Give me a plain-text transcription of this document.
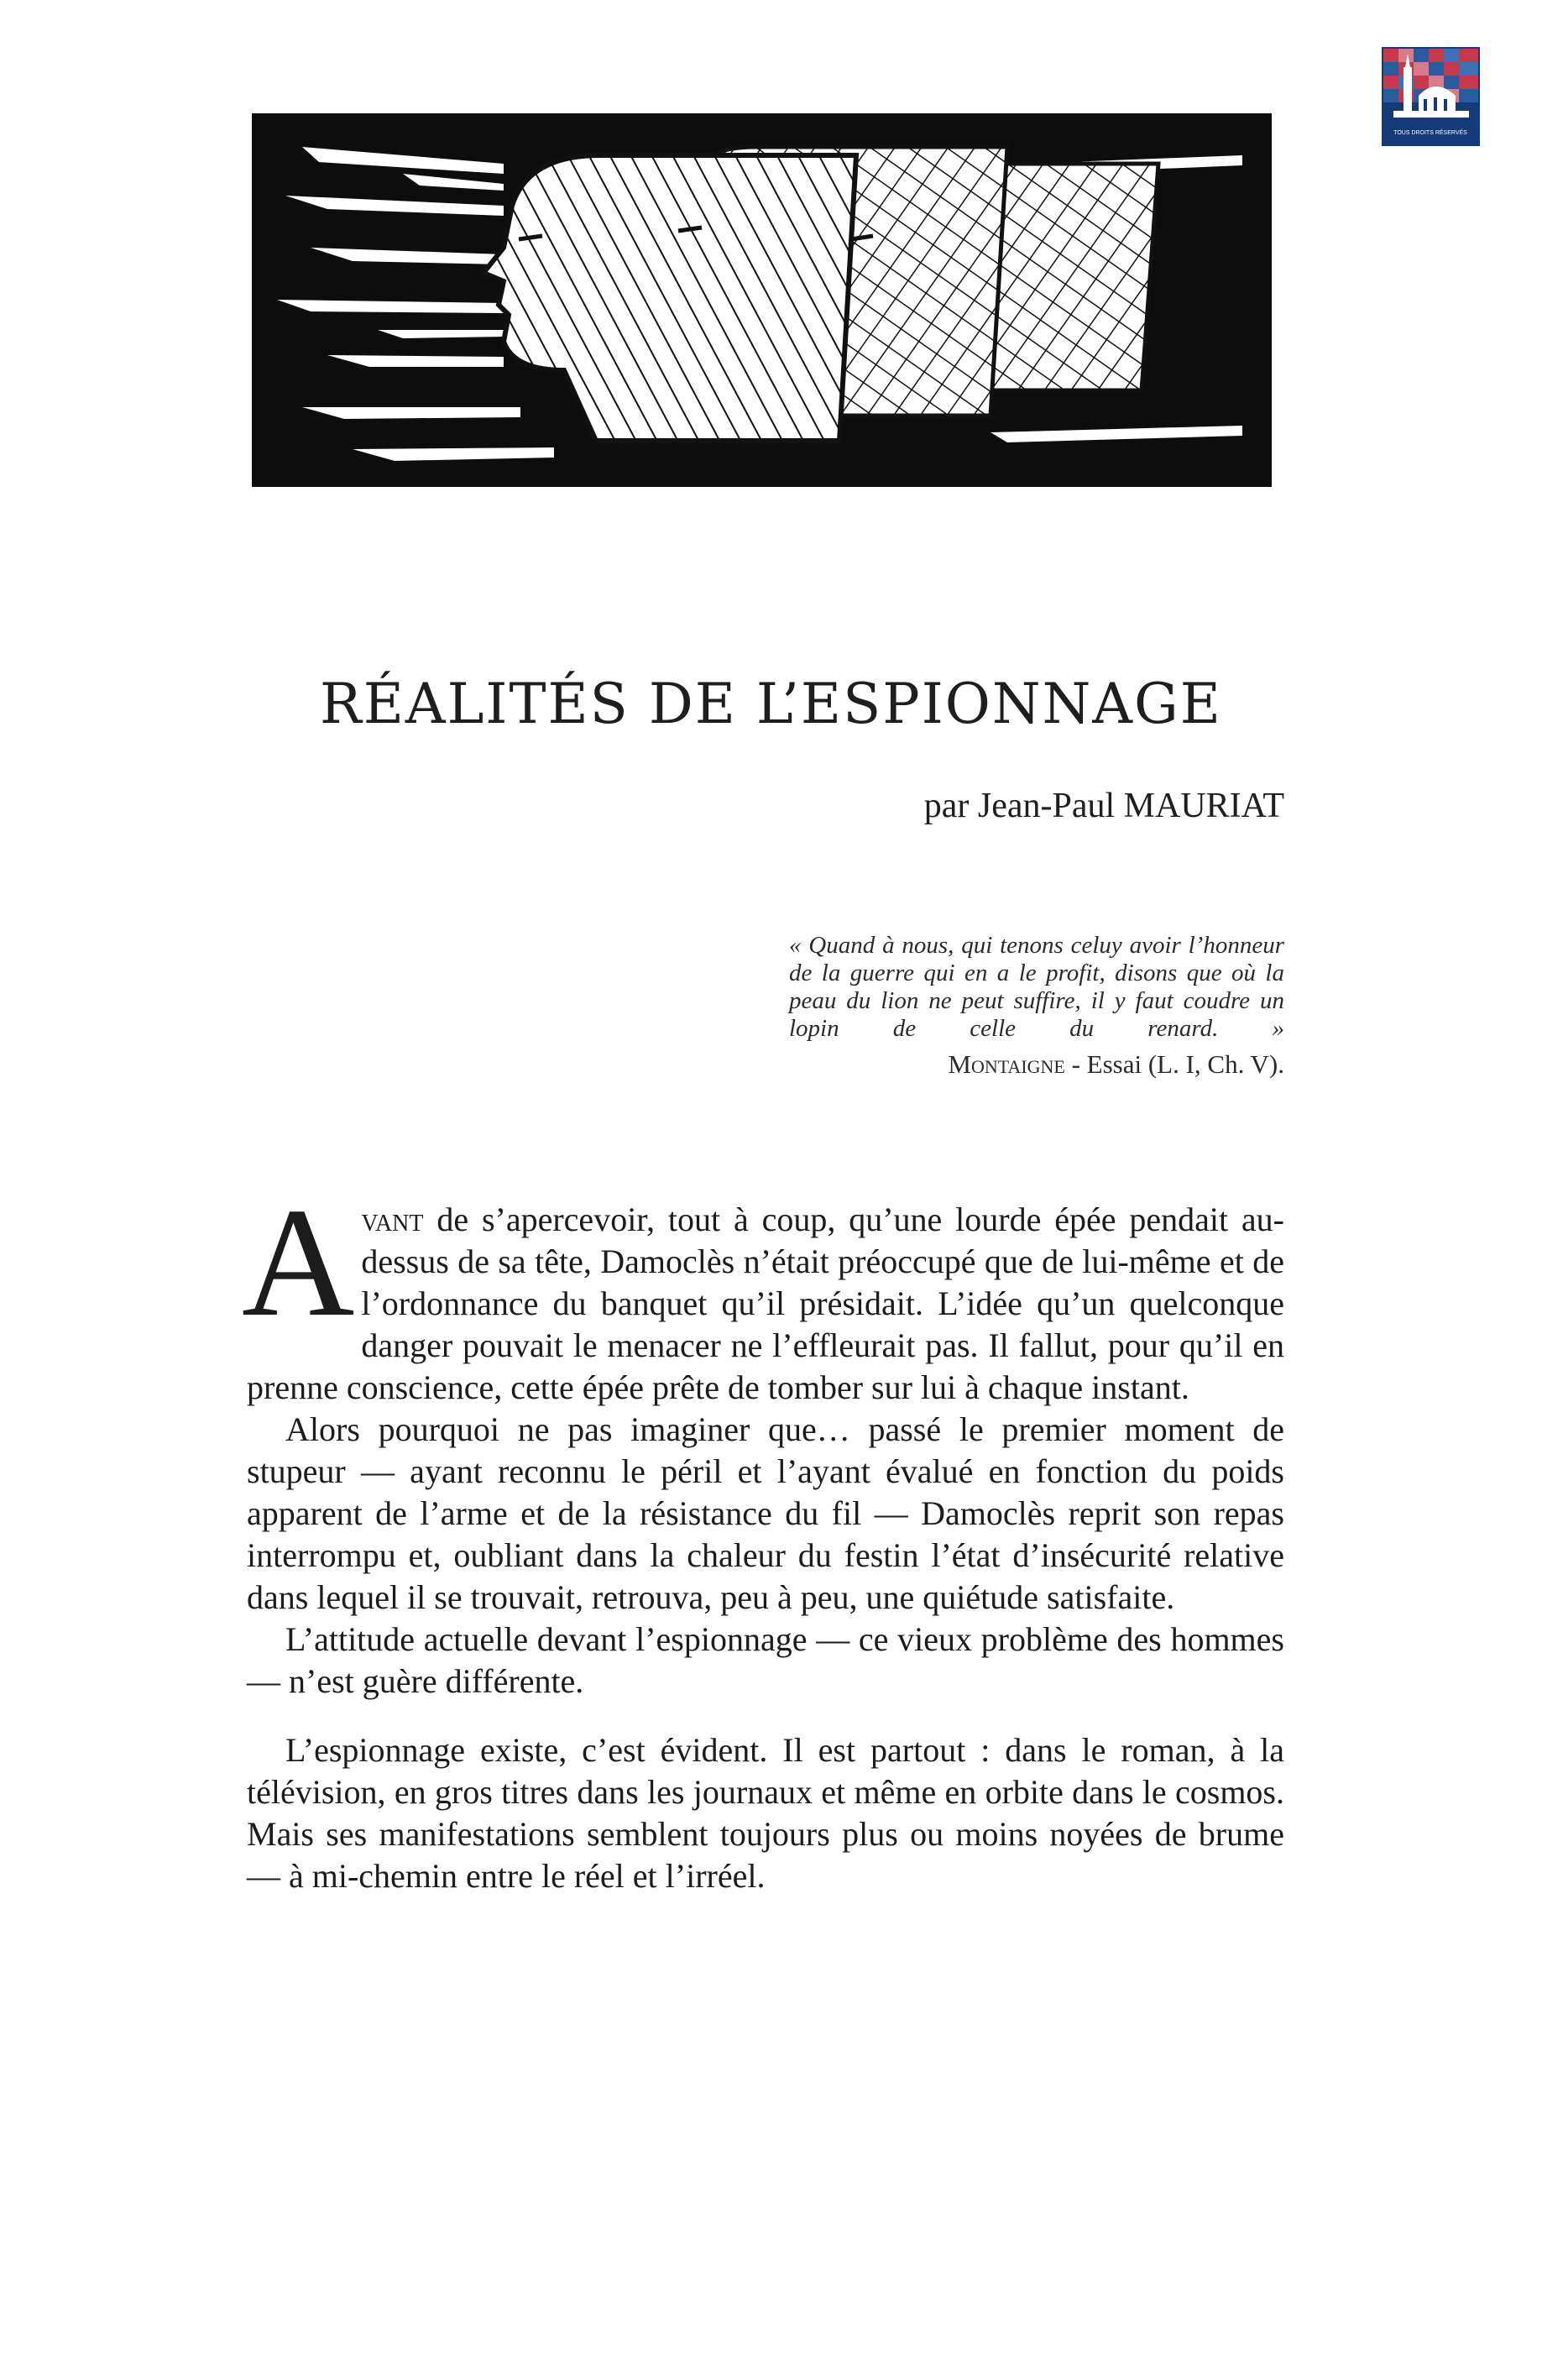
TOUS DROITS RÉSERVÉS
RÉALITÉS DE L’ESPIONNAGE

par Jean-Paul MAURIAT

« Quand à nous, qui tenons celuy avoir l’honneur de la guerre qui en a le profit, disons que où la peau du lion ne peut suffire, il y faut coudre un lopin de celle du renard. »

Montaigne - Essai (L. I, Ch. V).

Avant de s’apercevoir, tout à coup, qu’une lourde épée pendait au-dessus de sa tête, Damoclès n’était préoccupé que de lui-même et de l’ordonnance du banquet qu’il présidait. L’idée qu’un quelconque danger pouvait le menacer ne l’effleurait pas. Il fallut, pour qu’il en prenne conscience, cette épée prête de tomber sur lui à chaque instant.

Alors pourquoi ne pas imaginer que… passé le premier moment de stupeur — ayant reconnu le péril et l’ayant évalué en fonction du poids apparent de l’arme et de la résistance du fil — Damoclès reprit son repas interrompu et, oubliant dans la chaleur du festin l’état d’insécurité relative dans lequel il se trouvait, retrouva, peu à peu, une quiétude satisfaite.

L’attitude actuelle devant l’espionnage — ce vieux problème des hommes — n’est guère différente.

L’espionnage existe, c’est évident. Il est partout : dans le roman, à la télévision, en gros titres dans les journaux et même en orbite dans le cosmos. Mais ses manifestations semblent toujours plus ou moins noyées de brume — à mi-chemin entre le réel et l’irréel.
